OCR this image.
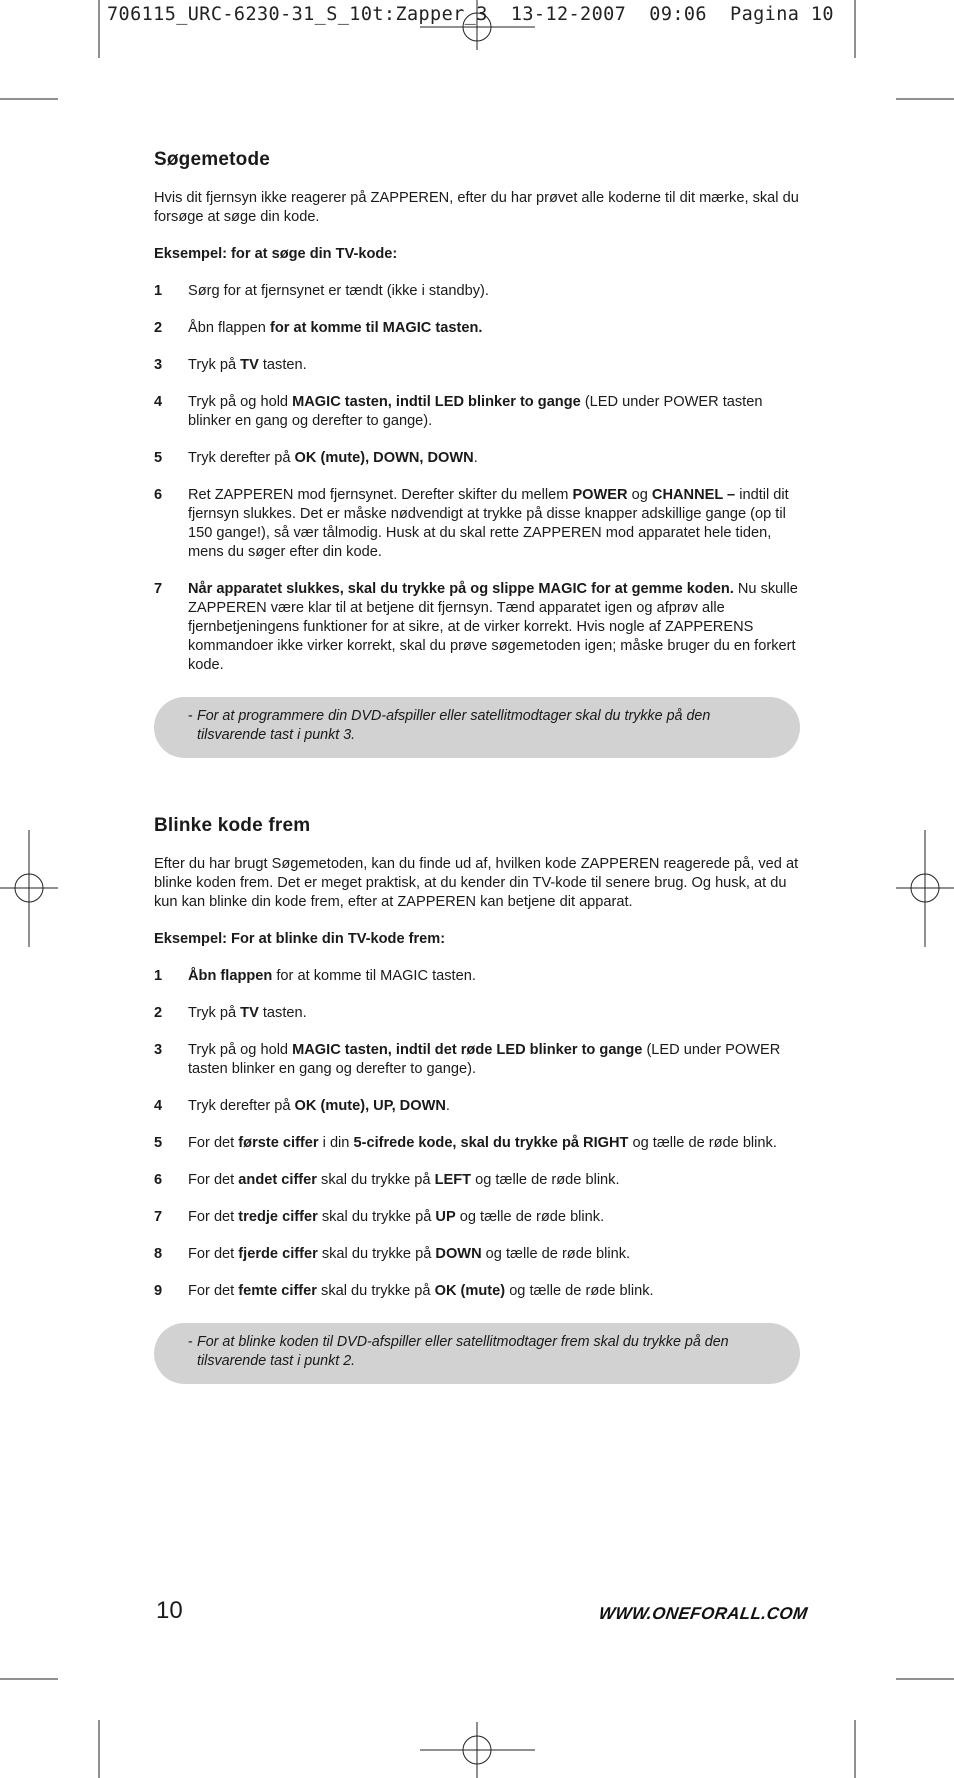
706115_URC-6230-31_S_10t:Zapper_3  13-12-2007  09:06  Pagina 10
Søgemetode

Hvis dit fjernsyn ikke reagerer på ZAPPEREN, efter du har prøvet alle koderne til dit mærke, skal du forsøge at søge din kode.

Eksempel: for at søge din TV-kode:

1 Sørg for at fjernsynet er tændt (ikke i standby).
2 Åbn flappen for at komme til MAGIC tasten.
3 Tryk på TV tasten.
4 Tryk på og hold MAGIC tasten, indtil LED blinker to gange (LED under POWER tasten blinker en gang og derefter to gange).
5 Tryk derefter på OK (mute), DOWN, DOWN.
6 Ret ZAPPEREN mod fjernsynet. Derefter skifter du mellem POWER og CHANNEL – indtil dit fjernsyn slukkes. Det er måske nødvendigt at trykke på disse knapper adskillige gange (op til 150 gange!), så vær tålmodig. Husk at du skal rette ZAPPEREN mod apparatet hele tiden, mens du søger efter din kode.
7 Når apparatet slukkes, skal du trykke på og slippe MAGIC for at gemme koden. Nu skulle ZAPPEREN være klar til at betjene dit fjernsyn. Tænd apparatet igen og afprøv alle fjernbetjeningens funktioner for at sikre, at de virker korrekt. Hvis nogle af ZAPPERENS kommandoer ikke virker korrekt, skal du prøve søgemetoden igen; måske bruger du en forkert kode.

- For at programmere din DVD-afspiller eller satellitmodtager skal du trykke på den tilsvarende tast i punkt 3.

Blinke kode frem

Efter du har brugt Søgemetoden, kan du finde ud af, hvilken kode ZAPPEREN reagerede på, ved at blinke koden frem. Det er meget praktisk, at du kender din TV-kode til senere brug. Og husk, at du kun kan blinke din kode frem, efter at ZAPPEREN kan betjene dit apparat.

Eksempel: For at blinke din TV-kode frem:

1 Åbn flappen for at komme til MAGIC tasten.
2 Tryk på TV tasten.
3 Tryk på og hold MAGIC tasten, indtil det røde LED blinker to gange (LED under POWER tasten blinker en gang og derefter to gange).
4 Tryk derefter på OK (mute), UP, DOWN.
5 For det første ciffer i din 5-cifrede kode, skal du trykke på RIGHT og tælle de røde blink.
6 For det andet ciffer skal du trykke på LEFT og tælle de røde blink.
7 For det tredje ciffer skal du trykke på UP og tælle de røde blink.
8 For det fjerde ciffer skal du trykke på DOWN og tælle de røde blink.
9 For det femte ciffer skal du trykke på OK (mute) og tælle de røde blink.

- For at blinke koden til DVD-afspiller eller satellitmodtager frem skal du trykke på den tilsvarende tast i punkt 2.

10	WWW.ONEFORALL.COM
